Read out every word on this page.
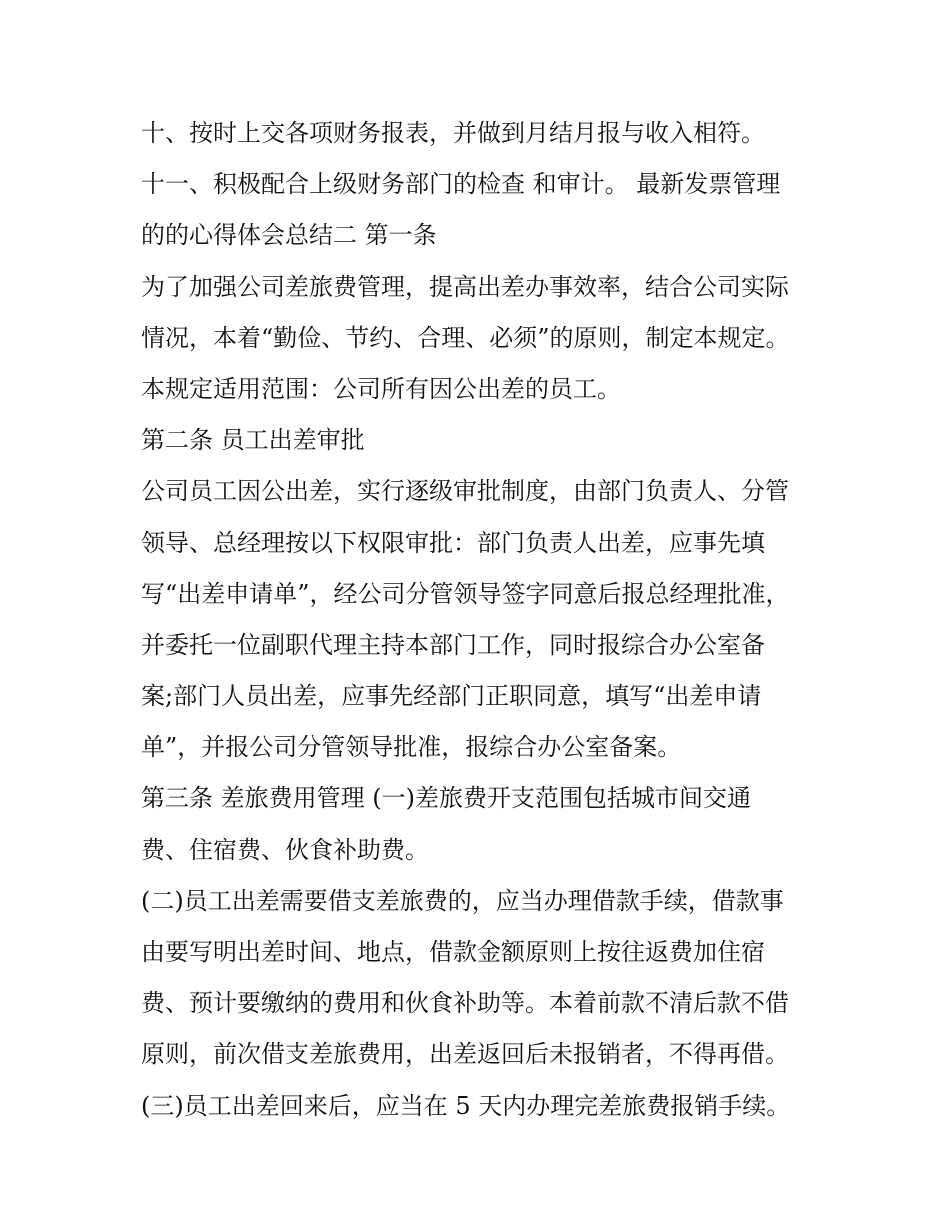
十、按时上交各项财务报表，并做到月结月报与收入相符。
十一、积极配合上级财务部门的检查 和审计。 最新发票管理
的的心得体会总结二 第一条
为了加强公司差旅费管理，提高出差办事效率，结合公司实际
情况，本着“勤俭、节约、合理、必须”的原则，制定本规定。
本规定适用范围：公司所有因公出差的员工。
第二条 员工出差审批
公司员工因公出差，实行逐级审批制度，由部门负责人、分管
领导、总经理按以下权限审批：部门负责人出差，应事先填
写“出差申请单”，经公司分管领导签字同意后报总经理批准，
并委托一位副职代理主持本部门工作，同时报综合办公室备
案;部门人员出差，应事先经部门正职同意，填写“出差申请
单”，并报公司分管领导批准，报综合办公室备案。
第三条 差旅费用管理 (一)差旅费开支范围包括城市间交通
费、住宿费、伙食补助费。
(二)员工出差需要借支差旅费的，应当办理借款手续，借款事
由要写明出差时间、地点，借款金额原则上按往返费加住宿
费、预计要缴纳的费用和伙食补助等。本着前款不清后款不借
原则，前次借支差旅费用，出差返回后未报销者，不得再借。
(三)员工出差回来后，应当在 5 天内办理完差旅费报销手续。
